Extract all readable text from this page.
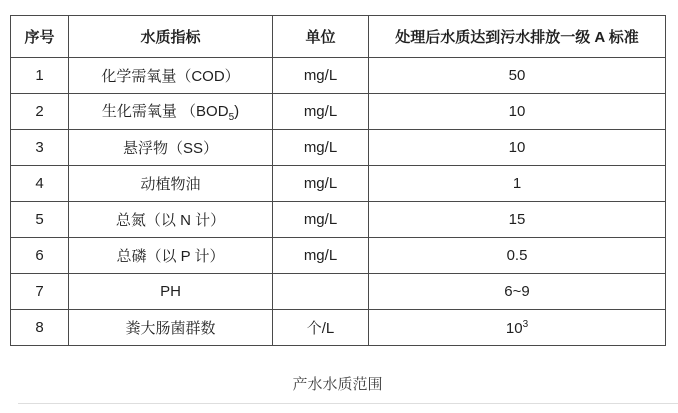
序号	水质指标	单位	处理后水质达到污水排放一级 A 标准
1	化学需氧量（COD）	mg/L	50
2	生化需氧量 $(BOD_5)$	mg/L	10
3	悬浮物（SS）	mg/L	10
4	动植物油	mg/L	1
5	总氮（以 N 计）	mg/L	15
6	总磷（以 P 计）	mg/L	0.5
7	PH		6~9
8	粪大肠菌群数	个/L	$10^3$
产水水质范围
